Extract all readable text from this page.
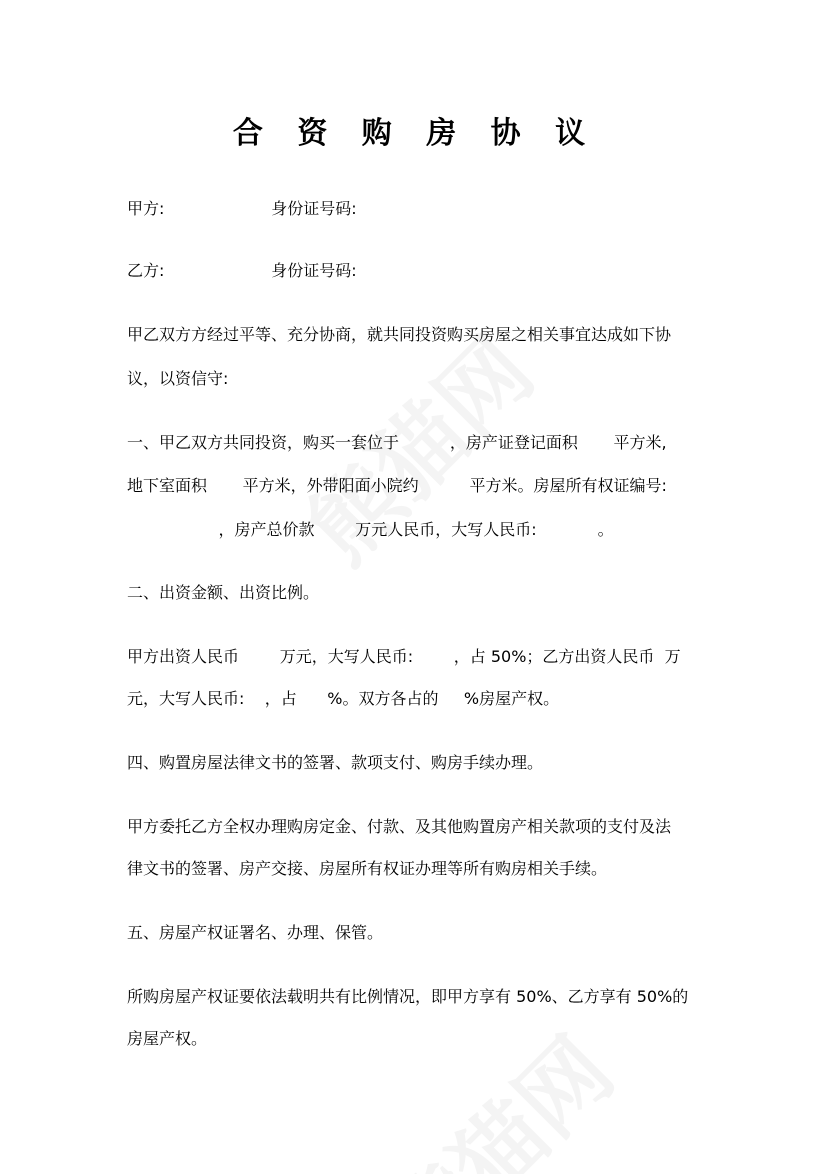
合 资 购 房 协 议
甲方:                     身份证号码:
乙方:                     身份证号码:
甲乙双方方经过平等、充分协商，就共同投资购买房屋之相关事宜达成如下协
议，以资信守:
一、甲乙双方共同投资，购买一套位于          ，房产证登记面积       平方米,
地下室面积       平方米，外带阳面小院约          平方米。房屋所有权证编号:
，房产总价款        万元人民币，大写人民币:            。
二、出资金额、出资比例。
甲方出资人民币        万元，大写人民币:        ，占 50%；乙方出资人民币  万
元，大写人民币:    ，占      %。双方各占的     %房屋产权。
四、购置房屋法律文书的签署、款项支付、购房手续办理。
甲方委托乙方全权办理购房定金、付款、及其他购置房产相关款项的支付及法
律文书的签署、房产交接、房屋所有权证办理等所有购房相关手续。
五、房屋产权证署名、办理、保管。
所购房屋产权证要依法载明共有比例情况，即甲方享有 50%、乙方享有 50%的
房屋产权。
